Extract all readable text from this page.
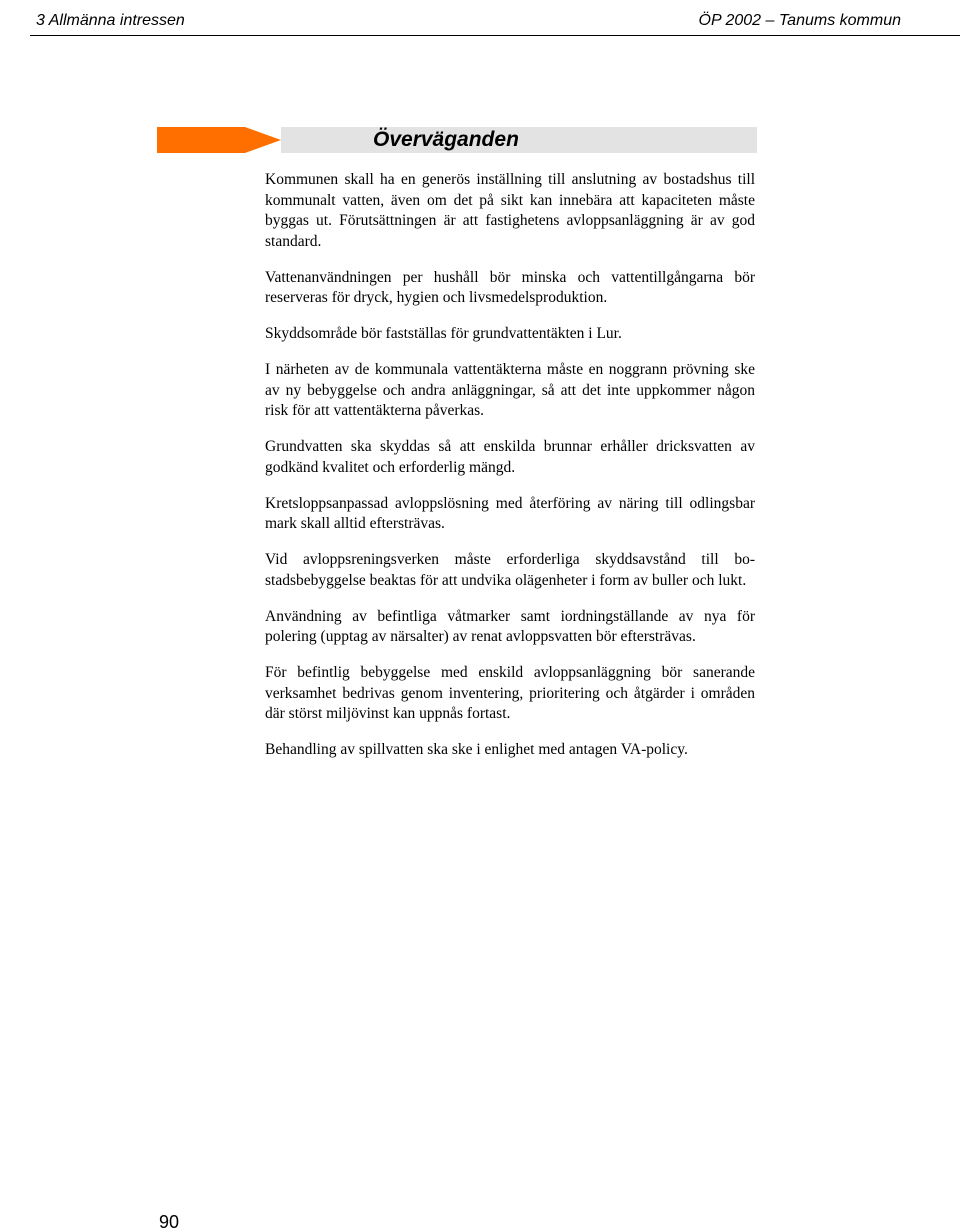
3 Allmänna intressen	ÖP 2002 – Tanums kommun
Överväganden

Kommunen skall ha en generös inställning till anslutning av bostadshus till kommunalt vatten, även om det på sikt kan innebära att kapaciteten måste byggas ut. Förutsättningen är att fastighetens avloppsanläggning är av god standard.

Vattenanvändningen per hushåll bör minska och vattentillgångarna bör reserveras för dryck, hygien och livsmedelsproduktion.

Skyddsområde bör fastställas för grundvattentäkten i Lur.

I närheten av de kommunala vattentäkterna måste en noggrann prövning ske av ny bebyggelse och andra anläggningar, så att det inte uppkommer någon risk för att vattentäkterna påverkas.

Grundvatten ska skyddas så att enskilda brunnar erhåller dricksvatten av godkänd kvalitet och erforderlig mängd.

Kretsloppsanpassad avloppslösning med återföring av näring till odlingsbar mark skall alltid eftersträvas.

Vid avloppsreningsverken måste erforderliga skyddsavstånd till bostadsbebyggelse beaktas för att undvika olägenheter i form av buller och lukt.

Användning av befintliga våtmarker samt iordningställande av nya för polering (upptag av närsalter) av renat avloppsvatten bör eftersträvas.

För befintlig bebyggelse med enskild avloppsanläggning bör sanerande verksamhet bedrivas genom inventering, prioritering och åtgärder i områden där störst miljövinst kan uppnås fortast.

Behandling av spillvatten ska ske i enlighet med antagen VA-policy.

90
